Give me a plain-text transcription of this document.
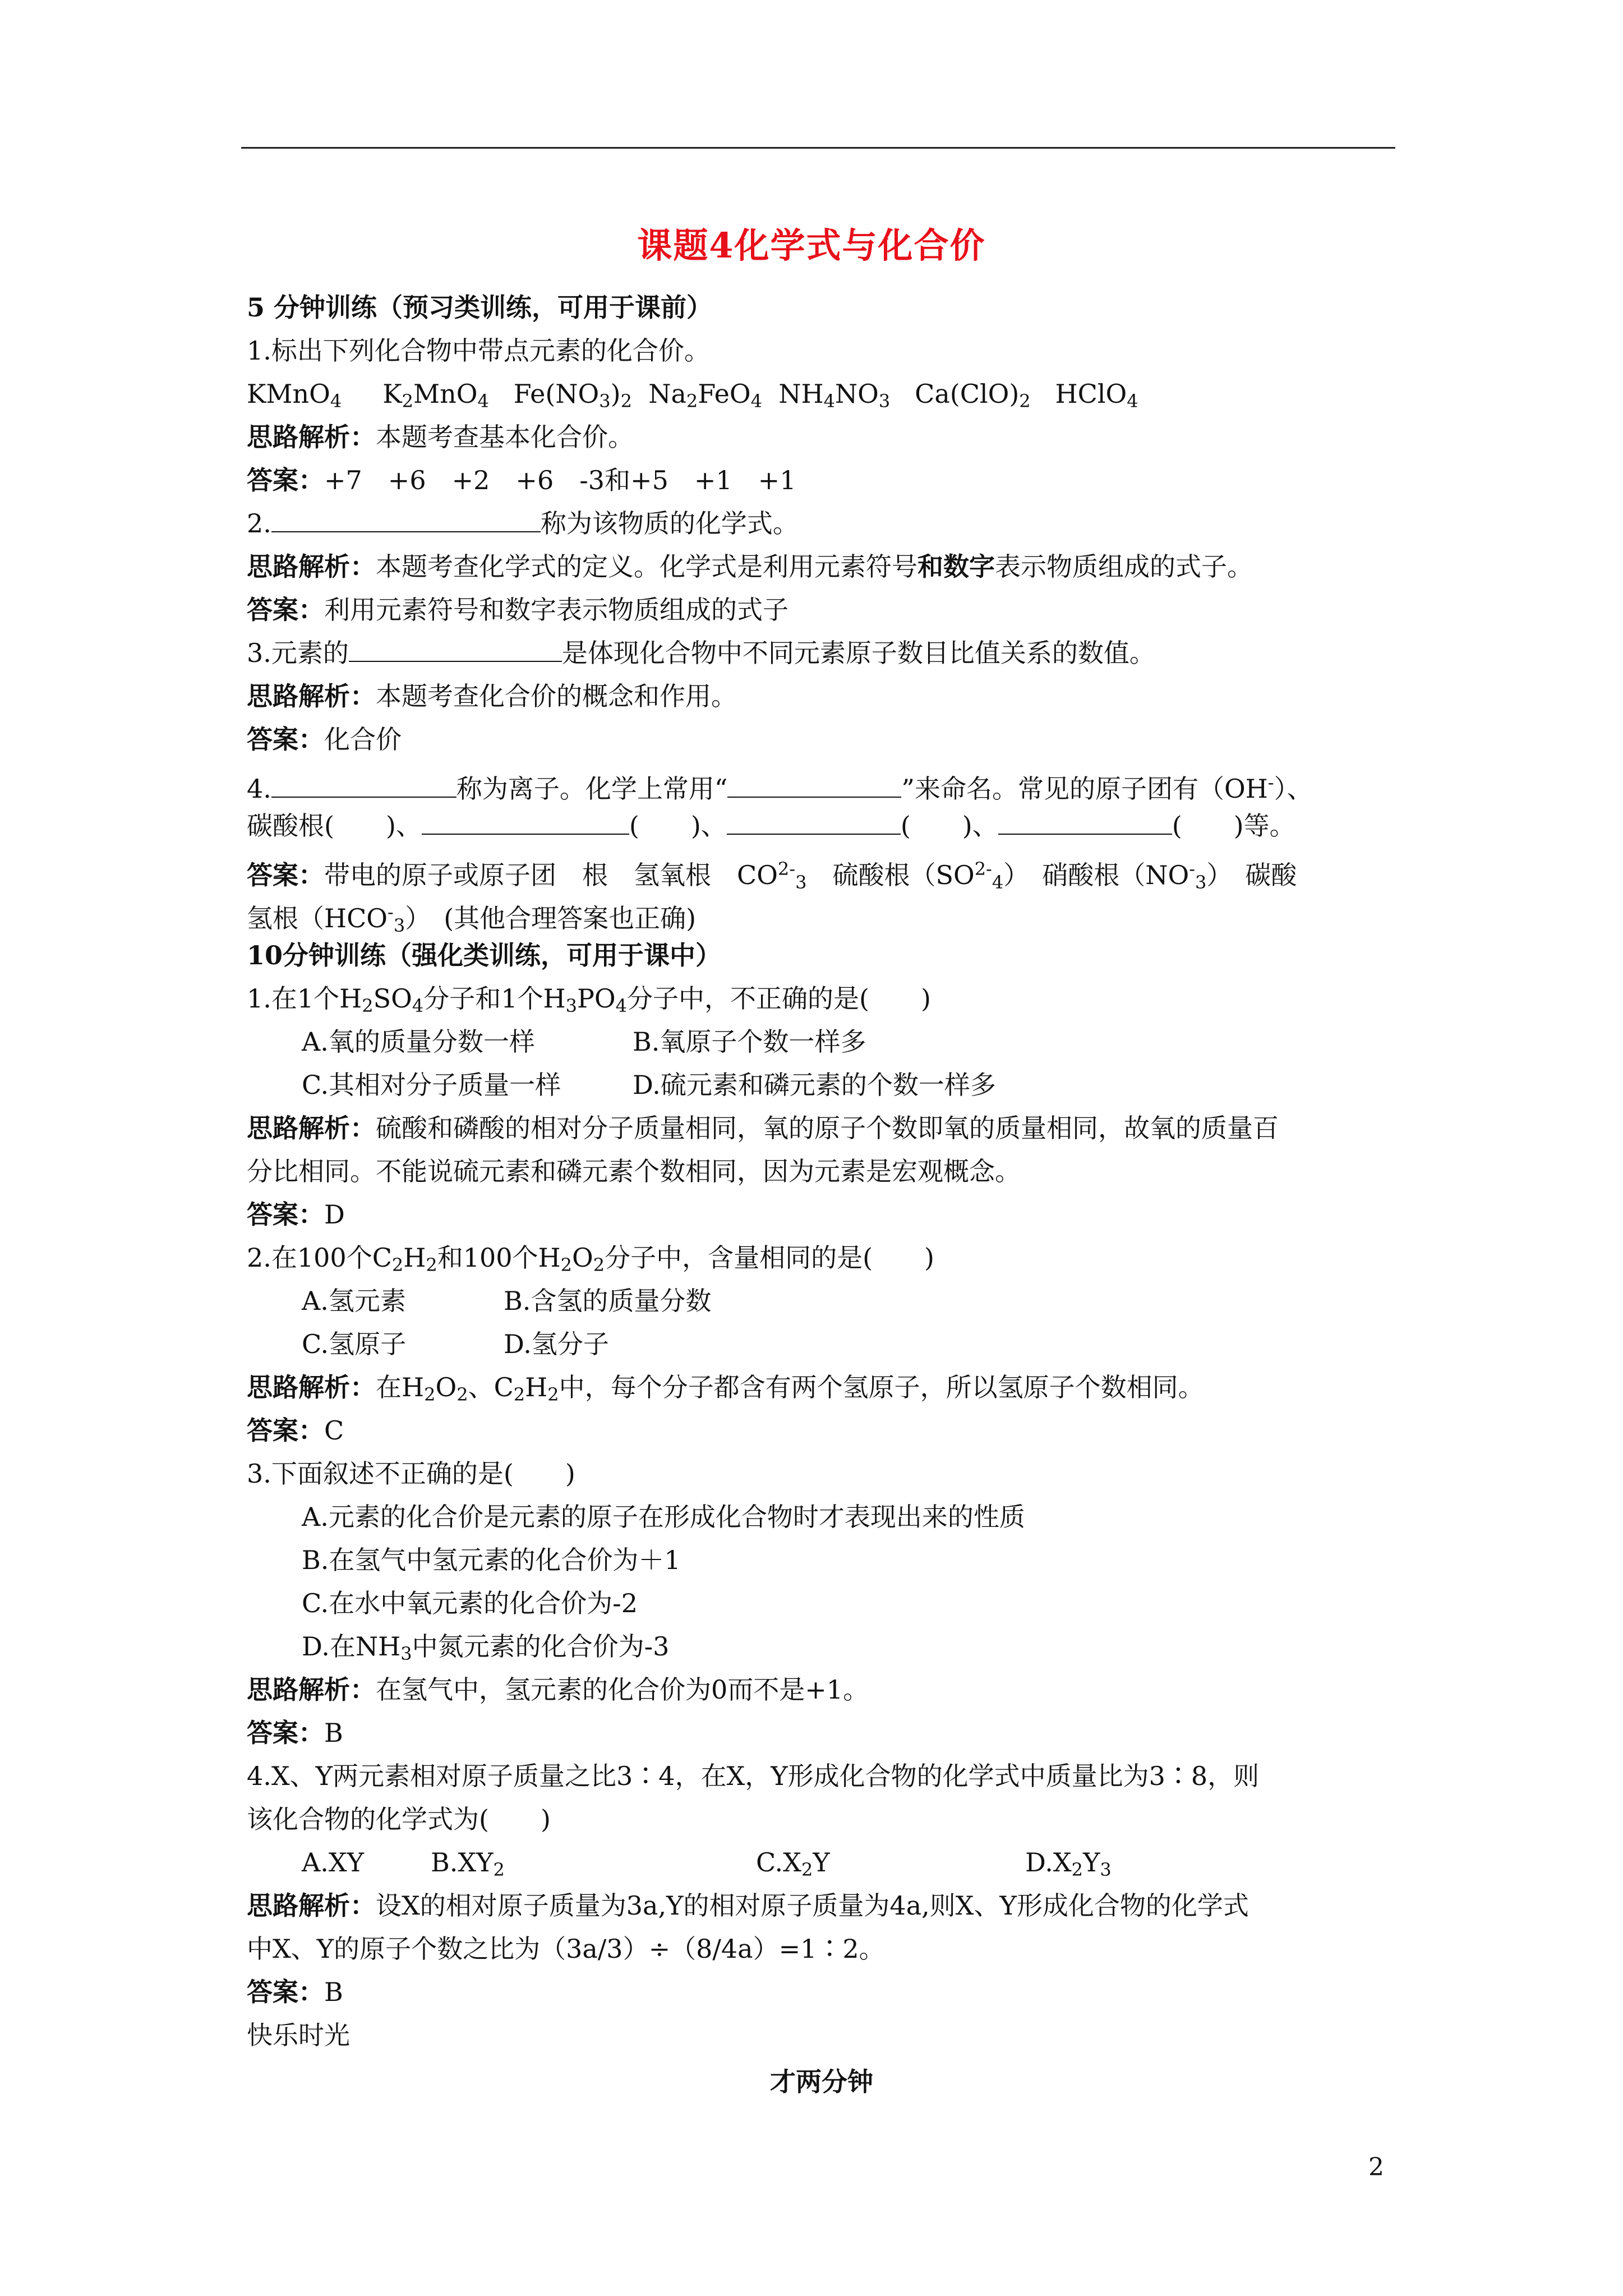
课题4化学式与化合价
5 分钟训练（预习类训练，可用于课前）
1.标出下列化合物中带点元素的化合价。
KMnO$_4$ $K_2MnO_4$ $Fe(NO_3)_2$ $Na_2FeO_4$ $NH_4NO_3$ $Ca(ClO)_2$ HClO$_4$
思路解析：本题考查基本化合价。
答案：+7　+6　+2　+6　-3和+5　+1　+1
2.	称为该物质的化学式。
思路解析：本题考查化学式的定义。化学式是利用元素符号和数字表示物质组成的式子。
答案：利用元素符号和数字表示物质组成的式子
3.元素的	是体现化合物中不同元素原子数目比值关系的数值。
思路解析：本题考查化合价的概念和作用。
答案：化合价
4.	称为离子。化学上常用“	”来命名。常见的原子团有（OH-）、
碳酸根(　　)、	(　　)、	(　　)、	(　　)等。
答案：带电的原子或原子团　根　氢氧根　$CO^{2-}_3$　硫酸根$(SO^{2-}_4)$　硝酸根$(NO^-_3)$　碳酸
氢根$(HCO^-_3)$　(其他合理答案也正确)
10分钟训练（强化类训练，可用于课中）
1.在1个$H_2SO_4$分子和1个$H_3PO_4$分子中，不正确的是(　　)
A.氧的质量分数一样	B.氧原子个数一样多
C.其相对分子质量一样	D.硫元素和磷元素的个数一样多
思路解析：硫酸和磷酸的相对分子质量相同，氧的原子个数即氧的质量相同，故氧的质量百
分比相同。不能说硫元素和磷元素个数相同，因为元素是宏观概念。
答案：D
2.在100个$C_2H_2$和100个$H_2O_2$分子中，含量相同的是(　　)
A.氢元素	B.含氢的质量分数
C.氢原子	D.氢分子
思路解析：在$H_2O_2$、$C_2H_2$中，每个分子都含有两个氢原子，所以氢原子个数相同。
答案：C
3.下面叙述不正确的是(　　)
A.元素的化合价是元素的原子在形成化合物时才表现出来的性质
B.在氢气中氢元素的化合价为＋1
C.在水中氧元素的化合价为-2
D.在$NH_3$中氮元素的化合价为-3
思路解析：在氢气中，氢元素的化合价为0而不是+1。
答案：B
4.X、Y两元素相对原子质量之比3∶4，在X，Y形成化合物的化学式中质量比为3∶8，则
该化合物的化学式为(　　)
A.XY	$B.XY_2$	$C.X_2Y$	$D.X_2Y_3$
思路解析：设X的相对原子质量为3a,Y的相对原子质量为4a,则X、Y形成化合物的化学式
中X、Y的原子个数之比为（3a/3）÷（8/4a）=1∶2。
答案：B
快乐时光
才两分钟
2
